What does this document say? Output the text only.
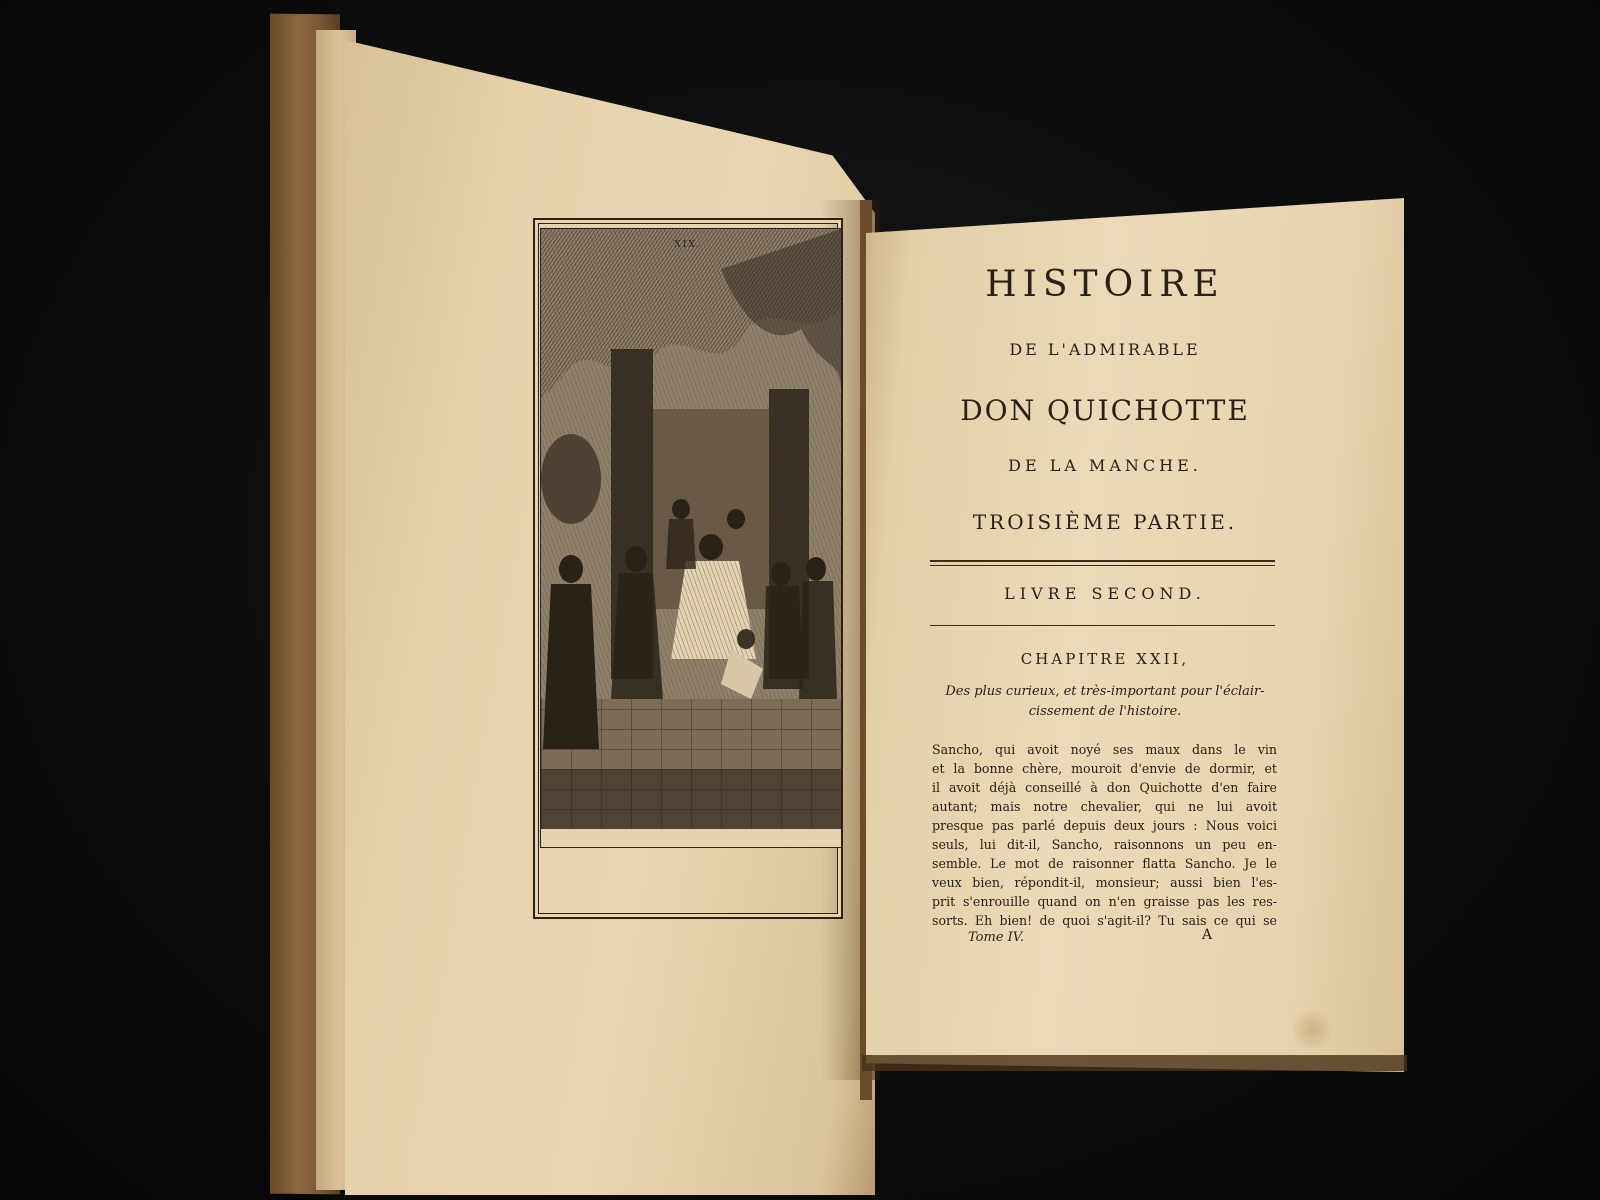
XIX.
HISTOIRE
DE L'ADMIRABLE
DON QUICHOTTE
DE LA MANCHE.
TROISIÈME PARTIE.
LIVRE SECOND.
CHAPITRE XXII,
Des plus curieux, et très-important pour l'éclair-
cissement de l'histoire.
Sancho, qui avoit noyé ses maux dans le vin
et la bonne chère, mouroit d'envie de dormir, et
il avoit déjà conseillé à don Quichotte d'en faire
autant; mais notre chevalier, qui ne lui avoit
presque pas parlé depuis deux jours : Nous voici
seuls, lui dit-il, Sancho, raisonnons un peu en-
semble. Le mot de raisonner flatta Sancho. Je le
veux bien, répondit-il, monsieur; aussi bien l'es-
prit s'enrouille quand on n'en graisse pas les res-
sorts. Eh bien! de quoi s'agit-il? Tu sais ce qui se
Tome IV.	A
